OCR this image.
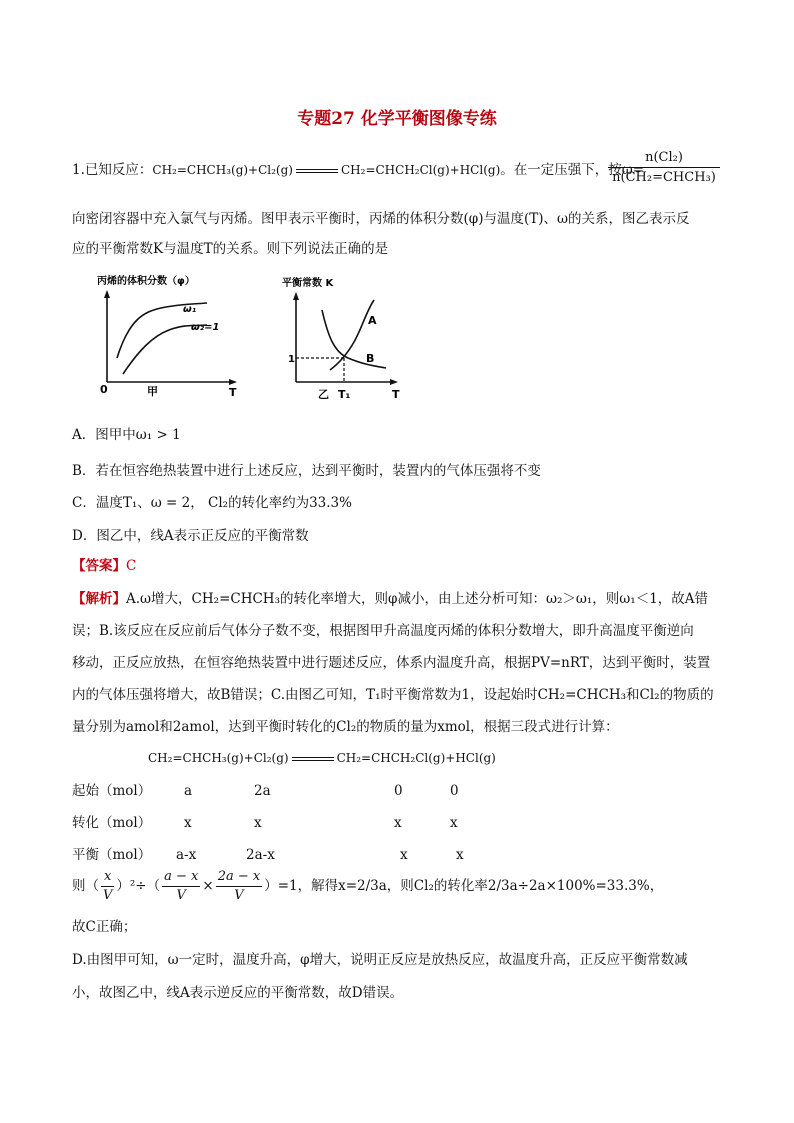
专题27 化学平衡图像专练
1.已知反应：CH₂=CHCH₃(g)+Cl₂(g)	CH₂=CHCH₂Cl(g)+HCl(g)。在一定压强下，按ω=
n(Cl₂)
n(CH₂=CHCH₃)
向密闭容器中充入氯气与丙烯。图甲表示平衡时，丙烯的体积分数(φ)与温度(T)、ω的关系，图乙表示反
应的平衡常数K与温度T的关系。则下列说法正确的是
丙烯的体积分数（φ）
ω₁
ω₂=1
0	甲	T
平衡常数 K
A
B
1
乙 T₁	T
A．图甲中ω₁ > 1
B．若在恒容绝热装置中进行上述反应，达到平衡时，装置内的气体压强将不变
C．温度T₁、ω = 2， Cl₂的转化率约为33.3%
D．图乙中，线A表示正反应的平衡常数
【答案】C
【解析】A.ω增大，CH₂=CHCH₃的转化率增大，则φ减小，由上述分析可知：ω₂＞ω₁，则ω₁＜1，故A错
误；B.该反应在反应前后气体分子数不变，根据图甲升高温度丙烯的体积分数增大，即升高温度平衡逆向
移动，正反应放热，在恒容绝热装置中进行题述反应，体系内温度升高，根据PV=nRT，达到平衡时，装置
内的气体压强将增大，故B错误；C.由图乙可知，T₁时平衡常数为1，设起始时CH₂=CHCH₃和Cl₂的物质的
量分别为amol和2amol，达到平衡时转化的Cl₂的物质的量为xmol，根据三段式进行计算：
CH₂=CHCH₃(g)+Cl₂(g)	CH₂=CHCH₂Cl(g)+HCl(g)
起始（mol） a	2a	0	0
转化（mol） x	x	x	x
平衡（mol） a-x	2a-x	x	x
则（ $\frac{x}{V} )^2\div( \frac{a - x}{V} \times \frac{2a - x}{V} )=1$，解得x=2/3a，则Cl₂的转化率2/3a÷2a×100%=33.3%，
故C正确；
D.由图甲可知，ω一定时，温度升高，φ增大，说明正反应是放热反应，故温度升高，正反应平衡常数减
小，故图乙中，线A表示逆反应的平衡常数，故D错误。
